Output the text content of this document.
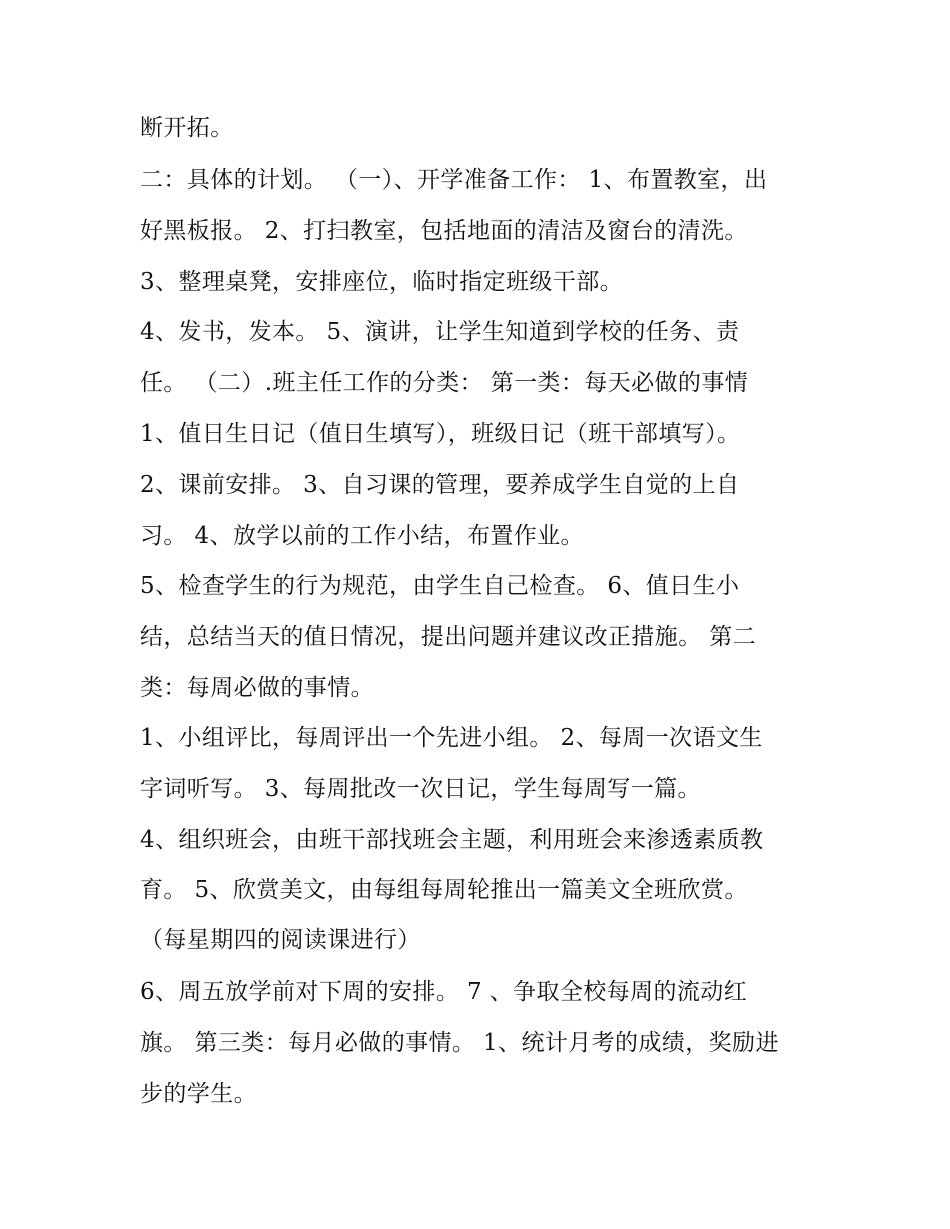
断开拓。
二：具体的计划。 （一）、开学准备工作： 1、布置教室，出
好黑板报。 2、打扫教室，包括地面的清洁及窗台的清洗。
3、整理桌凳，安排座位，临时指定班级干部。
4、发书，发本。 5、演讲，让学生知道到学校的任务、责
任。 （二）.班主任工作的分类： 第一类：每天必做的事情
1、值日生日记（值日生填写），班级日记（班干部填写）。
2、课前安排。 3、自习课的管理，要养成学生自觉的上自
习。 4、放学以前的工作小结，布置作业。
5、检查学生的行为规范，由学生自己检查。 6、值日生小
结，总结当天的值日情况，提出问题并建议改正措施。 第二
类：每周必做的事情。
1、小组评比，每周评出一个先进小组。 2、每周一次语文生
字词听写。 3、每周批改一次日记，学生每周写一篇。
4、组织班会，由班干部找班会主题，利用班会来渗透素质教
育。 5、欣赏美文，由每组每周轮推出一篇美文全班欣赏。
（每星期四的阅读课进行）
6、周五放学前对下周的安排。 7 、争取全校每周的流动红
旗。 第三类：每月必做的事情。 1、统计月考的成绩，奖励进
步的学生。
